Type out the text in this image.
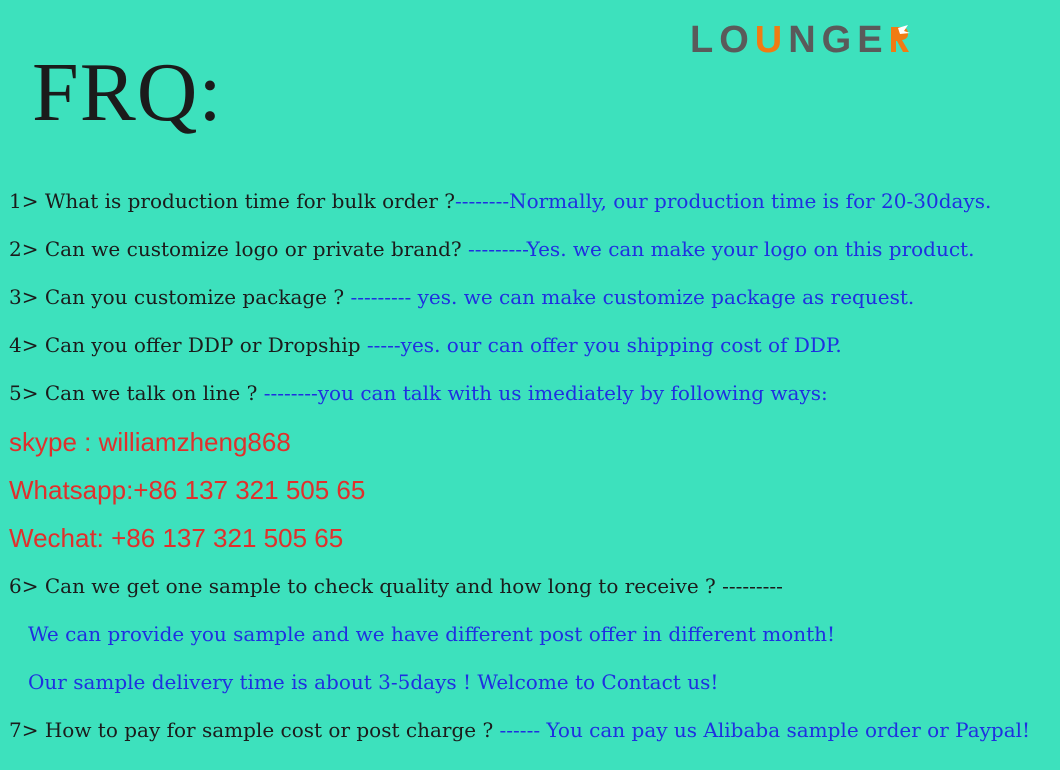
LOUNGE
FRQ:
1> What is production time for bulk order ?--------Normally, our production time is for 20-30days.
2> Can we customize logo or private brand? ---------Yes. we can make your logo on this product.
3> Can you customize package ? --------- yes. we can make customize package as request.
4> Can you offer DDP or Dropship -----yes. our can offer you shipping cost of DDP.
5> Can we talk on line ? --------you can talk with us imediately by following ways:
skype : williamzheng868
Whatsapp:+86 137 321 505 65
Wechat: +86 137 321 505 65
6> Can we get one sample to check quality and how long to receive ? ---------
We can provide you sample and we have different post offer in different month!
Our sample delivery time is about 3-5days ! Welcome to Contact us!
7> How to pay for sample cost or post charge ? ------ You can pay us Alibaba sample order or Paypal!
